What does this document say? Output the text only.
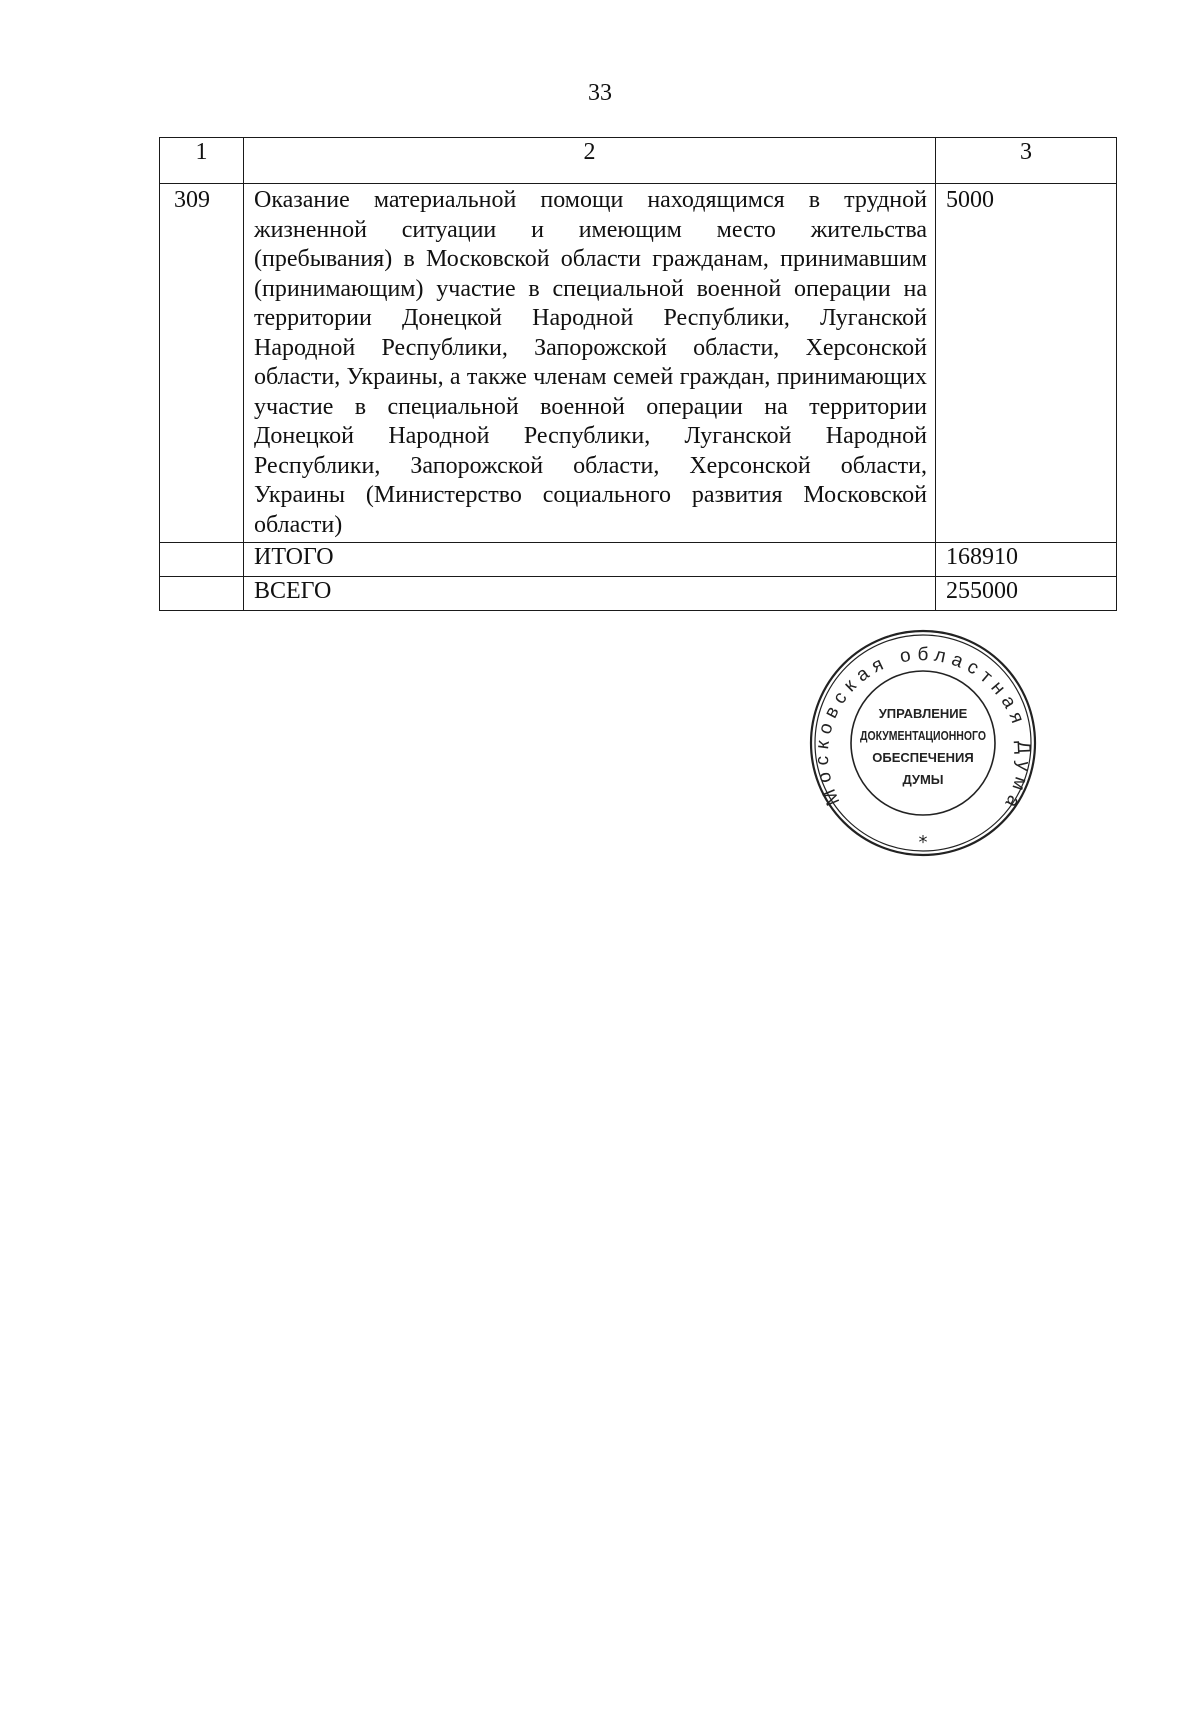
33
1	2	3
309	Оказание материальной помощи находящимся в трудной жизненной ситуации и имеющим место жительства (пребывания) в Московской области гражданам, принимавшим (принимающим) участие в специальной военной операции на территории Донецкой Народной Республики, Луганской Народной Республики, Запорожской области, Херсонской области, Украины, а также членам семей граждан, принимающих участие в специальной военной операции на территории Донецкой Народной Республики, Луганской Народной Республики, Запорожской области, Херсонской области, Украины (Министерство социального развития Московской области)	5000
	ИТОГО	168910
	ВСЕГО	255000
Московская областная Дума
УПРАВЛЕНИЕ
ДОКУМЕНТАЦИОННОГО
ОБЕСПЕЧЕНИЯ
ДУМЫ
*
